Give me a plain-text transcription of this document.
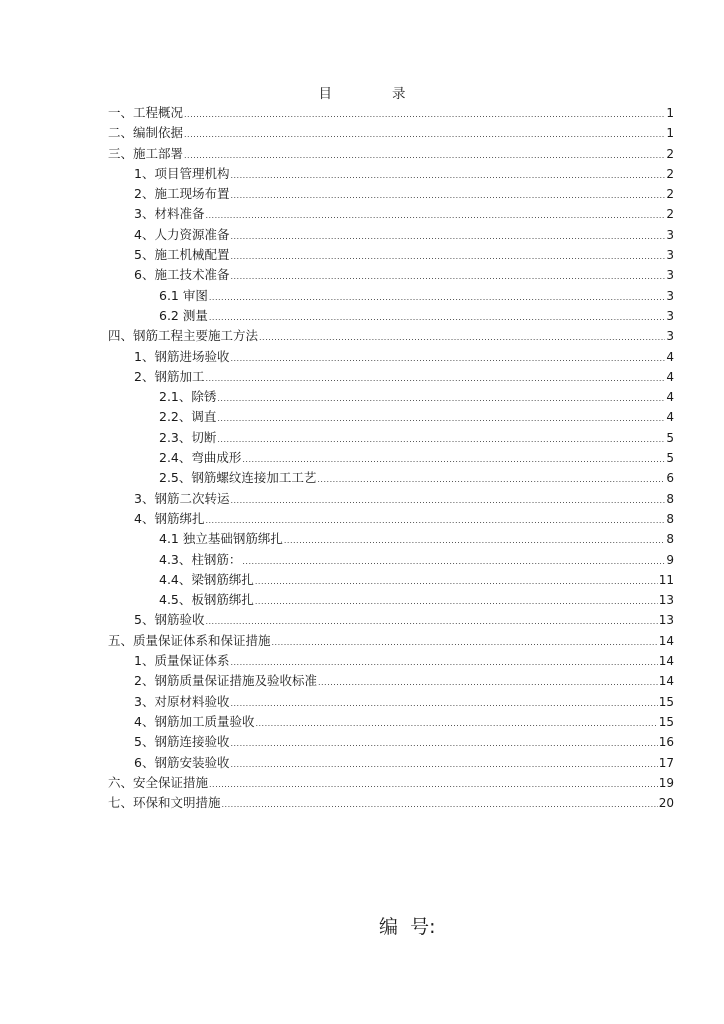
目	录
一、工程概况 .....	1
二、编制依据 .....	1
三、施工部署 .....	2
1、项目管理机构 .....	2
2、施工现场布置 .....	2
3、材料准备 .....	2
4、人力资源准备 .....	3
5、施工机械配置 .....	3
6、施工技术准备 .....	3
6.1 审图 .....	3
6.2 测量 .....	3
四、钢筋工程主要施工方法 .....	3
1、钢筋进场验收 .....	4
2、钢筋加工 .....	4
2.1、除锈 .....	4
2.2、调直 .....	4
2.3、切断 .....	5
2.4、弯曲成形 .....	5
2.5、钢筋螺纹连接加工工艺 .....	6
3、钢筋二次转运 .....	8
4、钢筋绑扎 .....	8
4.1 独立基础钢筋绑扎 .....	8
4.3、柱钢筋： .....	9
4.4、梁钢筋绑扎 .....	11
4.5、板钢筋绑扎 .....	13
5、钢筋验收 .....	13
五、质量保证体系和保证措施 .....	14
1、质量保证体系 .....	14
2、钢筋质量保证措施及验收标准 .....	14
3、对原材料验收 .....	15
4、钢筋加工质量验收 .....	15
5、钢筋连接验收 .....	16
6、钢筋安装验收 .....	17
六、安全保证措施 .....	19
七、环保和文明措施 .....	20
编  号:
